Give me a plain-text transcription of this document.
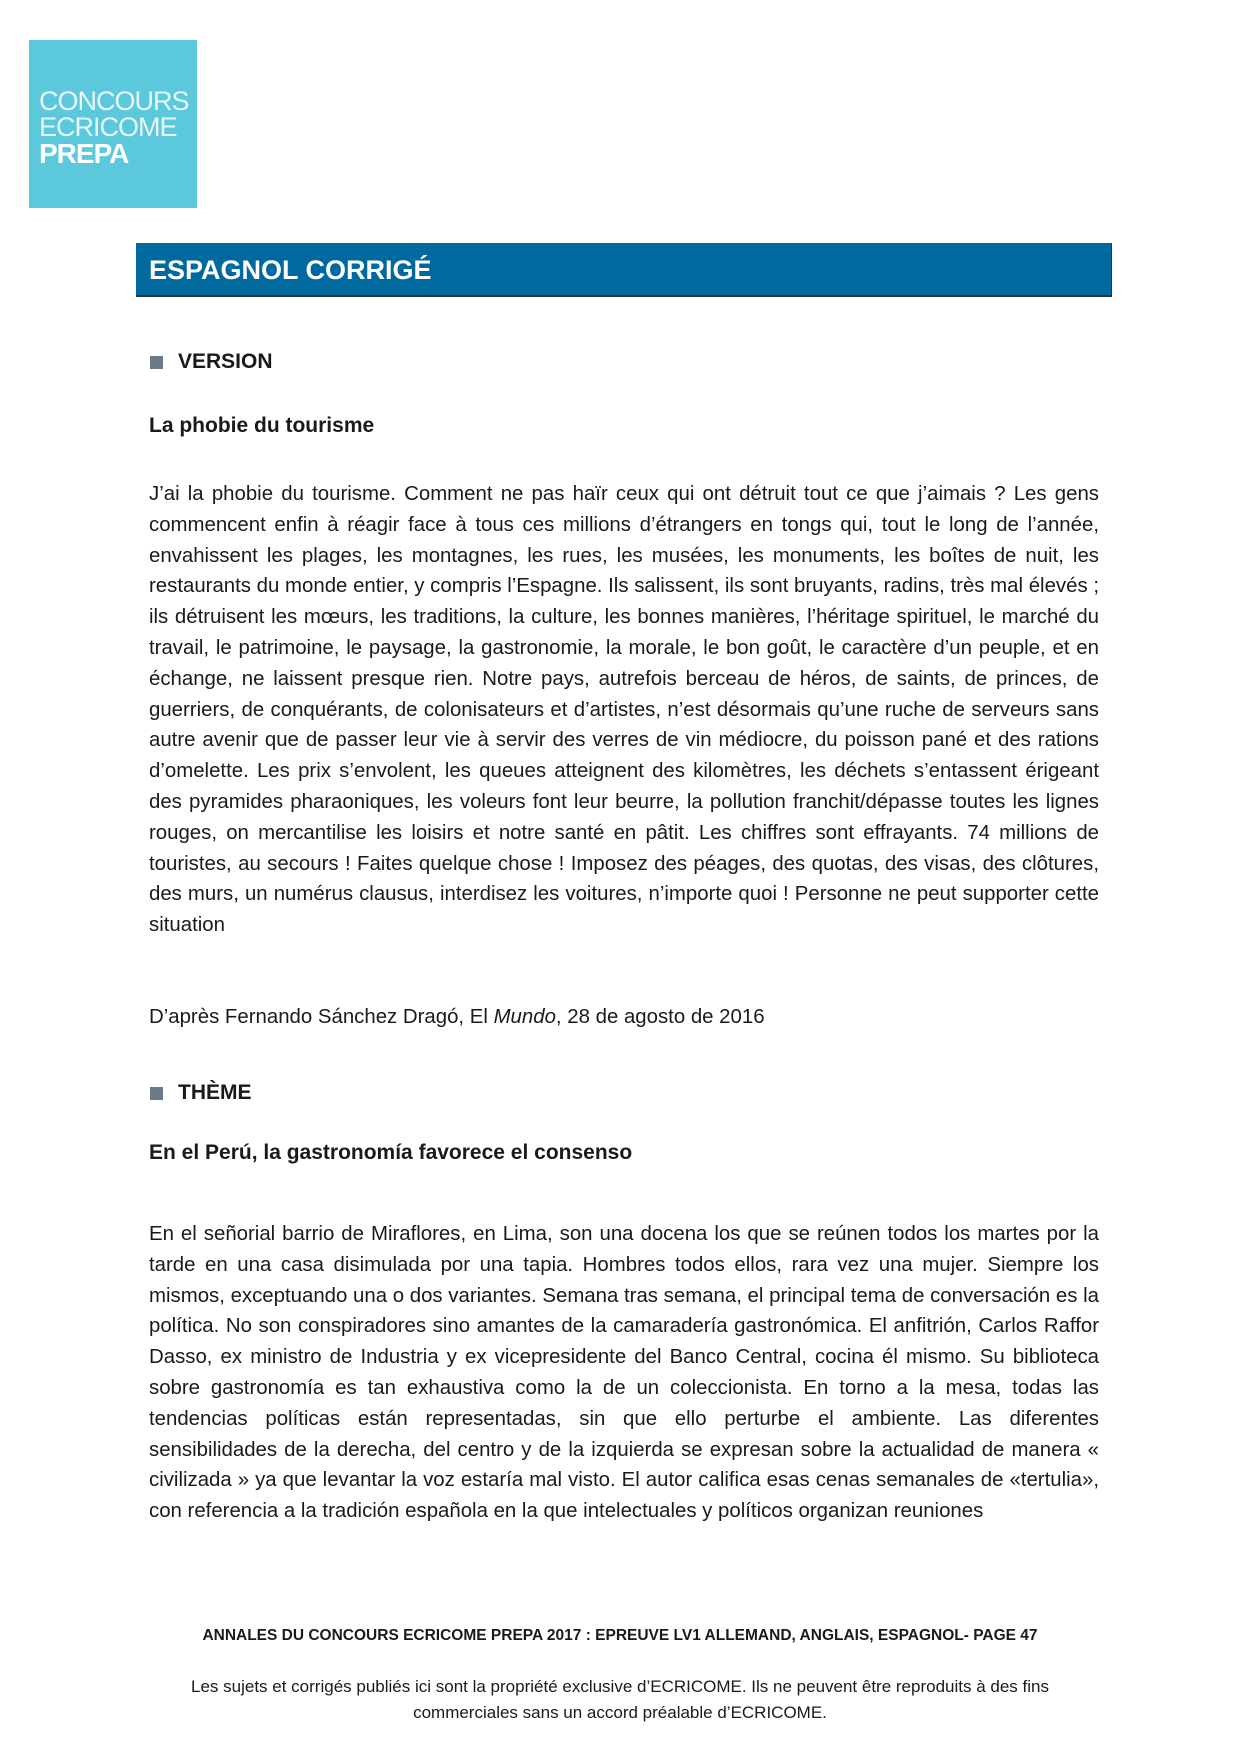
CONCOURS
ECRICOME
PREPA
ESPAGNOL CORRIGÉ
VERSION
La phobie du tourisme

J’ai la phobie du tourisme. Comment ne pas haïr ceux qui ont détruit tout ce que j’aimais ? Les gens commencent enfin à réagir face à tous ces millions d’étrangers en tongs qui, tout le long de l’année, envahissent les plages, les montagnes, les rues, les musées, les monuments, les boîtes de nuit, les restaurants du monde entier, y compris l’Espagne. Ils salissent, ils sont bruyants, radins, très mal élevés ; ils détruisent les mœurs, les traditions, la culture, les bonnes manières, l’héritage spirituel, le marché du travail, le patrimoine, le paysage, la gastronomie, la morale, le bon goût, le caractère d’un peuple, et en échange, ne laissent presque rien. Notre pays, autrefois berceau de héros, de saints, de princes, de guerriers, de conquérants, de colonisateurs et d’artistes, n’est désormais qu’une ruche de serveurs sans autre avenir que de passer leur vie à servir des verres de vin médiocre, du poisson pané et des rations d’omelette. Les prix s’envolent, les queues atteignent des kilomètres, les déchets s’entassent érigeant des pyramides pharaoniques, les voleurs font leur beurre, la pollution franchit/dépasse toutes les lignes rouges, on mercantilise les loisirs et notre santé en pâtit. Les chiffres sont effrayants. 74 millions de touristes, au secours ! Faites quelque chose ! Imposez des péages, des quotas, des visas, des clôtures, des murs, un numérus clausus, interdisez les voitures, n’importe quoi ! Personne ne peut supporter cette situation

D’après Fernando Sánchez Dragó, El Mundo, 28 de agosto de 2016
THÈME
En el Perú, la gastronomía favorece el consenso

En el señorial barrio de Miraflores, en Lima, son una docena los que se reúnen todos los martes por la tarde en una casa disimulada por una tapia. Hombres todos ellos, rara vez una mujer. Siempre los mismos, exceptuando una o dos variantes. Semana tras semana, el principal tema de conversación es la política. No son conspiradores sino amantes de la camaradería gastronómica. El anfitrión, Carlos Raffor Dasso, ex ministro de Industria y ex vicepresidente del Banco Central, cocina él mismo. Su biblioteca sobre gastronomía es tan exhaustiva como la de un coleccionista. En torno a la mesa, todas las tendencias políticas están representadas, sin que ello perturbe el ambiente. Las diferentes sensibilidades de la derecha, del centro y de la izquierda se expresan sobre la actualidad de manera « civilizada » ya que levantar la voz estaría mal visto. El autor califica esas cenas semanales de «tertulia», con referencia a la tradición española en la que intelectuales y políticos organizan reuniones

ANNALES DU CONCOURS ECRICOME PREPA 2017 : EPREUVE LV1 ALLEMAND, ANGLAIS, ESPAGNOL- PAGE 47
Les sujets et corrigés publiés ici sont la propriété exclusive d’ECRICOME. Ils ne peuvent être reproduits à des fins commerciales sans un accord préalable d’ECRICOME.
